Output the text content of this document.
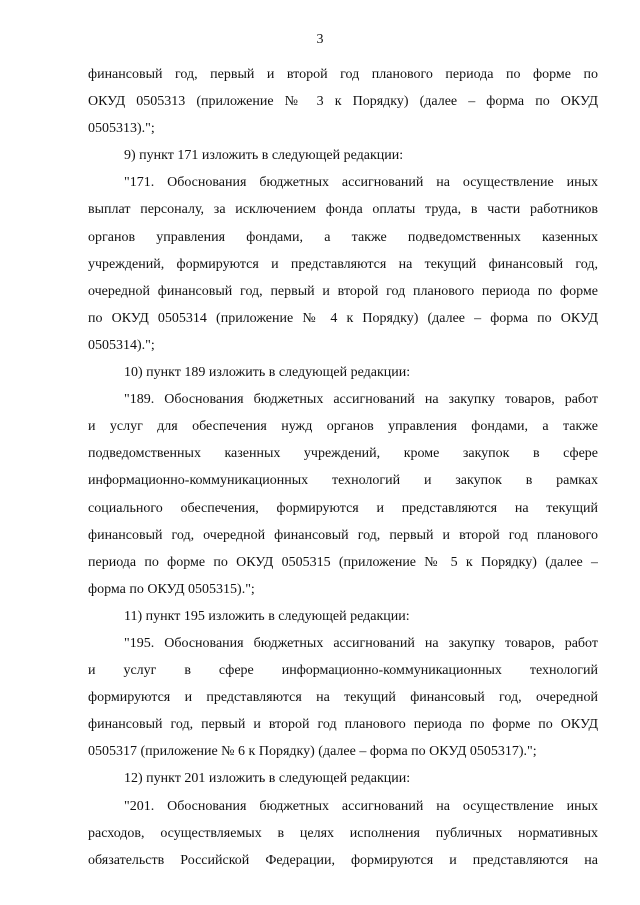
3
финансовый год, первый и второй год планового периода по форме по
ОКУД 0505313 (приложение № 3 к Порядку) (далее – форма по ОКУД
0505313).";
9) пункт 171 изложить в следующей редакции:
"171. Обоснования бюджетных ассигнований на осуществление иных
выплат персоналу, за исключением фонда оплаты труда, в части работников
органов управления фондами, а также подведомственных казенных
учреждений, формируются и представляются на текущий финансовый год,
очередной финансовый год, первый и второй год планового периода по форме
по ОКУД 0505314 (приложение № 4 к Порядку) (далее – форма по ОКУД
0505314).";
10) пункт 189 изложить в следующей редакции:
"189. Обоснования бюджетных ассигнований на закупку товаров, работ
и услуг для обеспечения нужд органов управления фондами, а также
подведомственных казенных учреждений, кроме закупок в сфере
информационно-коммуникационных технологий и закупок в рамках
социального обеспечения, формируются и представляются на текущий
финансовый год, очередной финансовый год, первый и второй год планового
периода по форме по ОКУД 0505315 (приложение № 5 к Порядку) (далее –
форма по ОКУД 0505315).";
11) пункт 195 изложить в следующей редакции:
"195. Обоснования бюджетных ассигнований на закупку товаров, работ
и услуг в сфере информационно-коммуникационных технологий
формируются и представляются на текущий финансовый год, очередной
финансовый год, первый и второй год планового периода по форме по ОКУД
0505317 (приложение № 6 к Порядку) (далее – форма по ОКУД 0505317).";
12) пункт 201 изложить в следующей редакции:
"201. Обоснования бюджетных ассигнований на осуществление иных
расходов, осуществляемых в целях исполнения публичных нормативных
обязательств Российской Федерации, формируются и представляются на
